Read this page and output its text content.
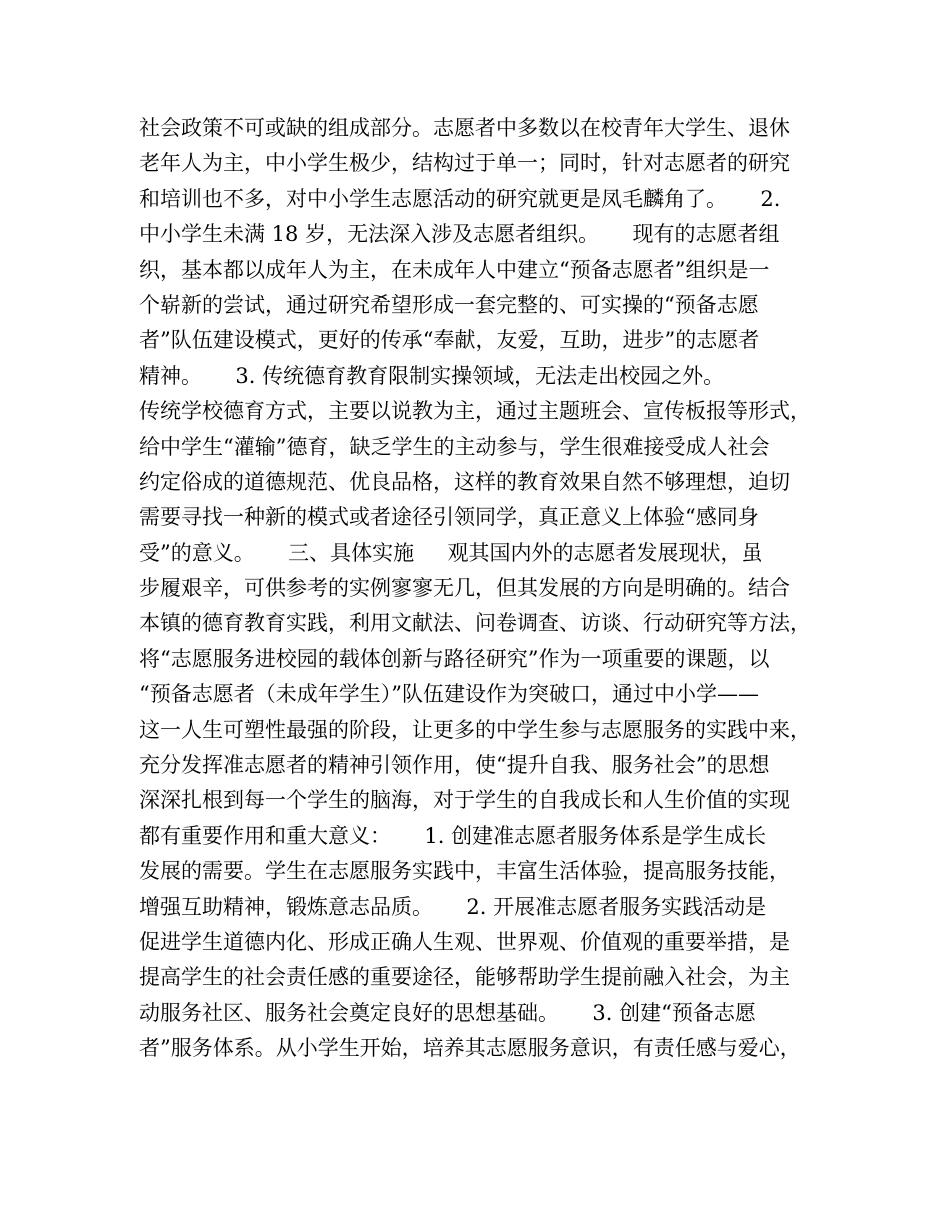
社会政策不可或缺的组成部分。志愿者中多数以在校青年大学生、退休
老年人为主，中小学生极少，结构过于单一；同时，针对志愿者的研究
和培训也不多，对中小学生志愿活动的研究就更是凤毛麟角了。     2.
中小学生未满 18 岁，无法深入涉及志愿者组织。     现有的志愿者组
织，基本都以成年人为主，在未成年人中建立“预备志愿者”组织是一
个崭新的尝试，通过研究希望形成一套完整的、可实操的“预备志愿
者”队伍建设模式，更好的传承“奉献，友爱，互助，进步”的志愿者
精神。     3. 传统德育教育限制实操领域，无法走出校园之外。
传统学校德育方式，主要以说教为主，通过主题班会、宣传板报等形式，
给中学生“灌输”德育，缺乏学生的主动参与，学生很难接受成人社会
约定俗成的道德规范、优良品格，这样的教育效果自然不够理想，迫切
需要寻找一种新的模式或者途径引领同学，真正意义上体验“感同身
受”的意义。     三、具体实施     观其国内外的志愿者发展现状，虽
步履艰辛，可供参考的实例寥寥无几，但其发展的方向是明确的。结合
本镇的德育教育实践，利用文献法、问卷调查、访谈、行动研究等方法，
将“志愿服务进校园的载体创新与路径研究”作为一项重要的课题，以
“预备志愿者（未成年学生）”队伍建设作为突破口，通过中小学——
这一人生可塑性最强的阶段，让更多的中学生参与志愿服务的实践中来，
充分发挥准志愿者的精神引领作用，使“提升自我、服务社会”的思想
深深扎根到每一个学生的脑海，对于学生的自我成长和人生价值的实现
都有重要作用和重大意义：     1. 创建准志愿者服务体系是学生成长
发展的需要。学生在志愿服务实践中，丰富生活体验，提高服务技能，
增强互助精神，锻炼意志品质。     2. 开展准志愿者服务实践活动是
促进学生道德内化、形成正确人生观、世界观、价值观的重要举措，是
提高学生的社会责任感的重要途径，能够帮助学生提前融入社会，为主
动服务社区、服务社会奠定良好的思想基础。     3. 创建“预备志愿
者”服务体系。从小学生开始，培养其志愿服务意识，有责任感与爱心，
